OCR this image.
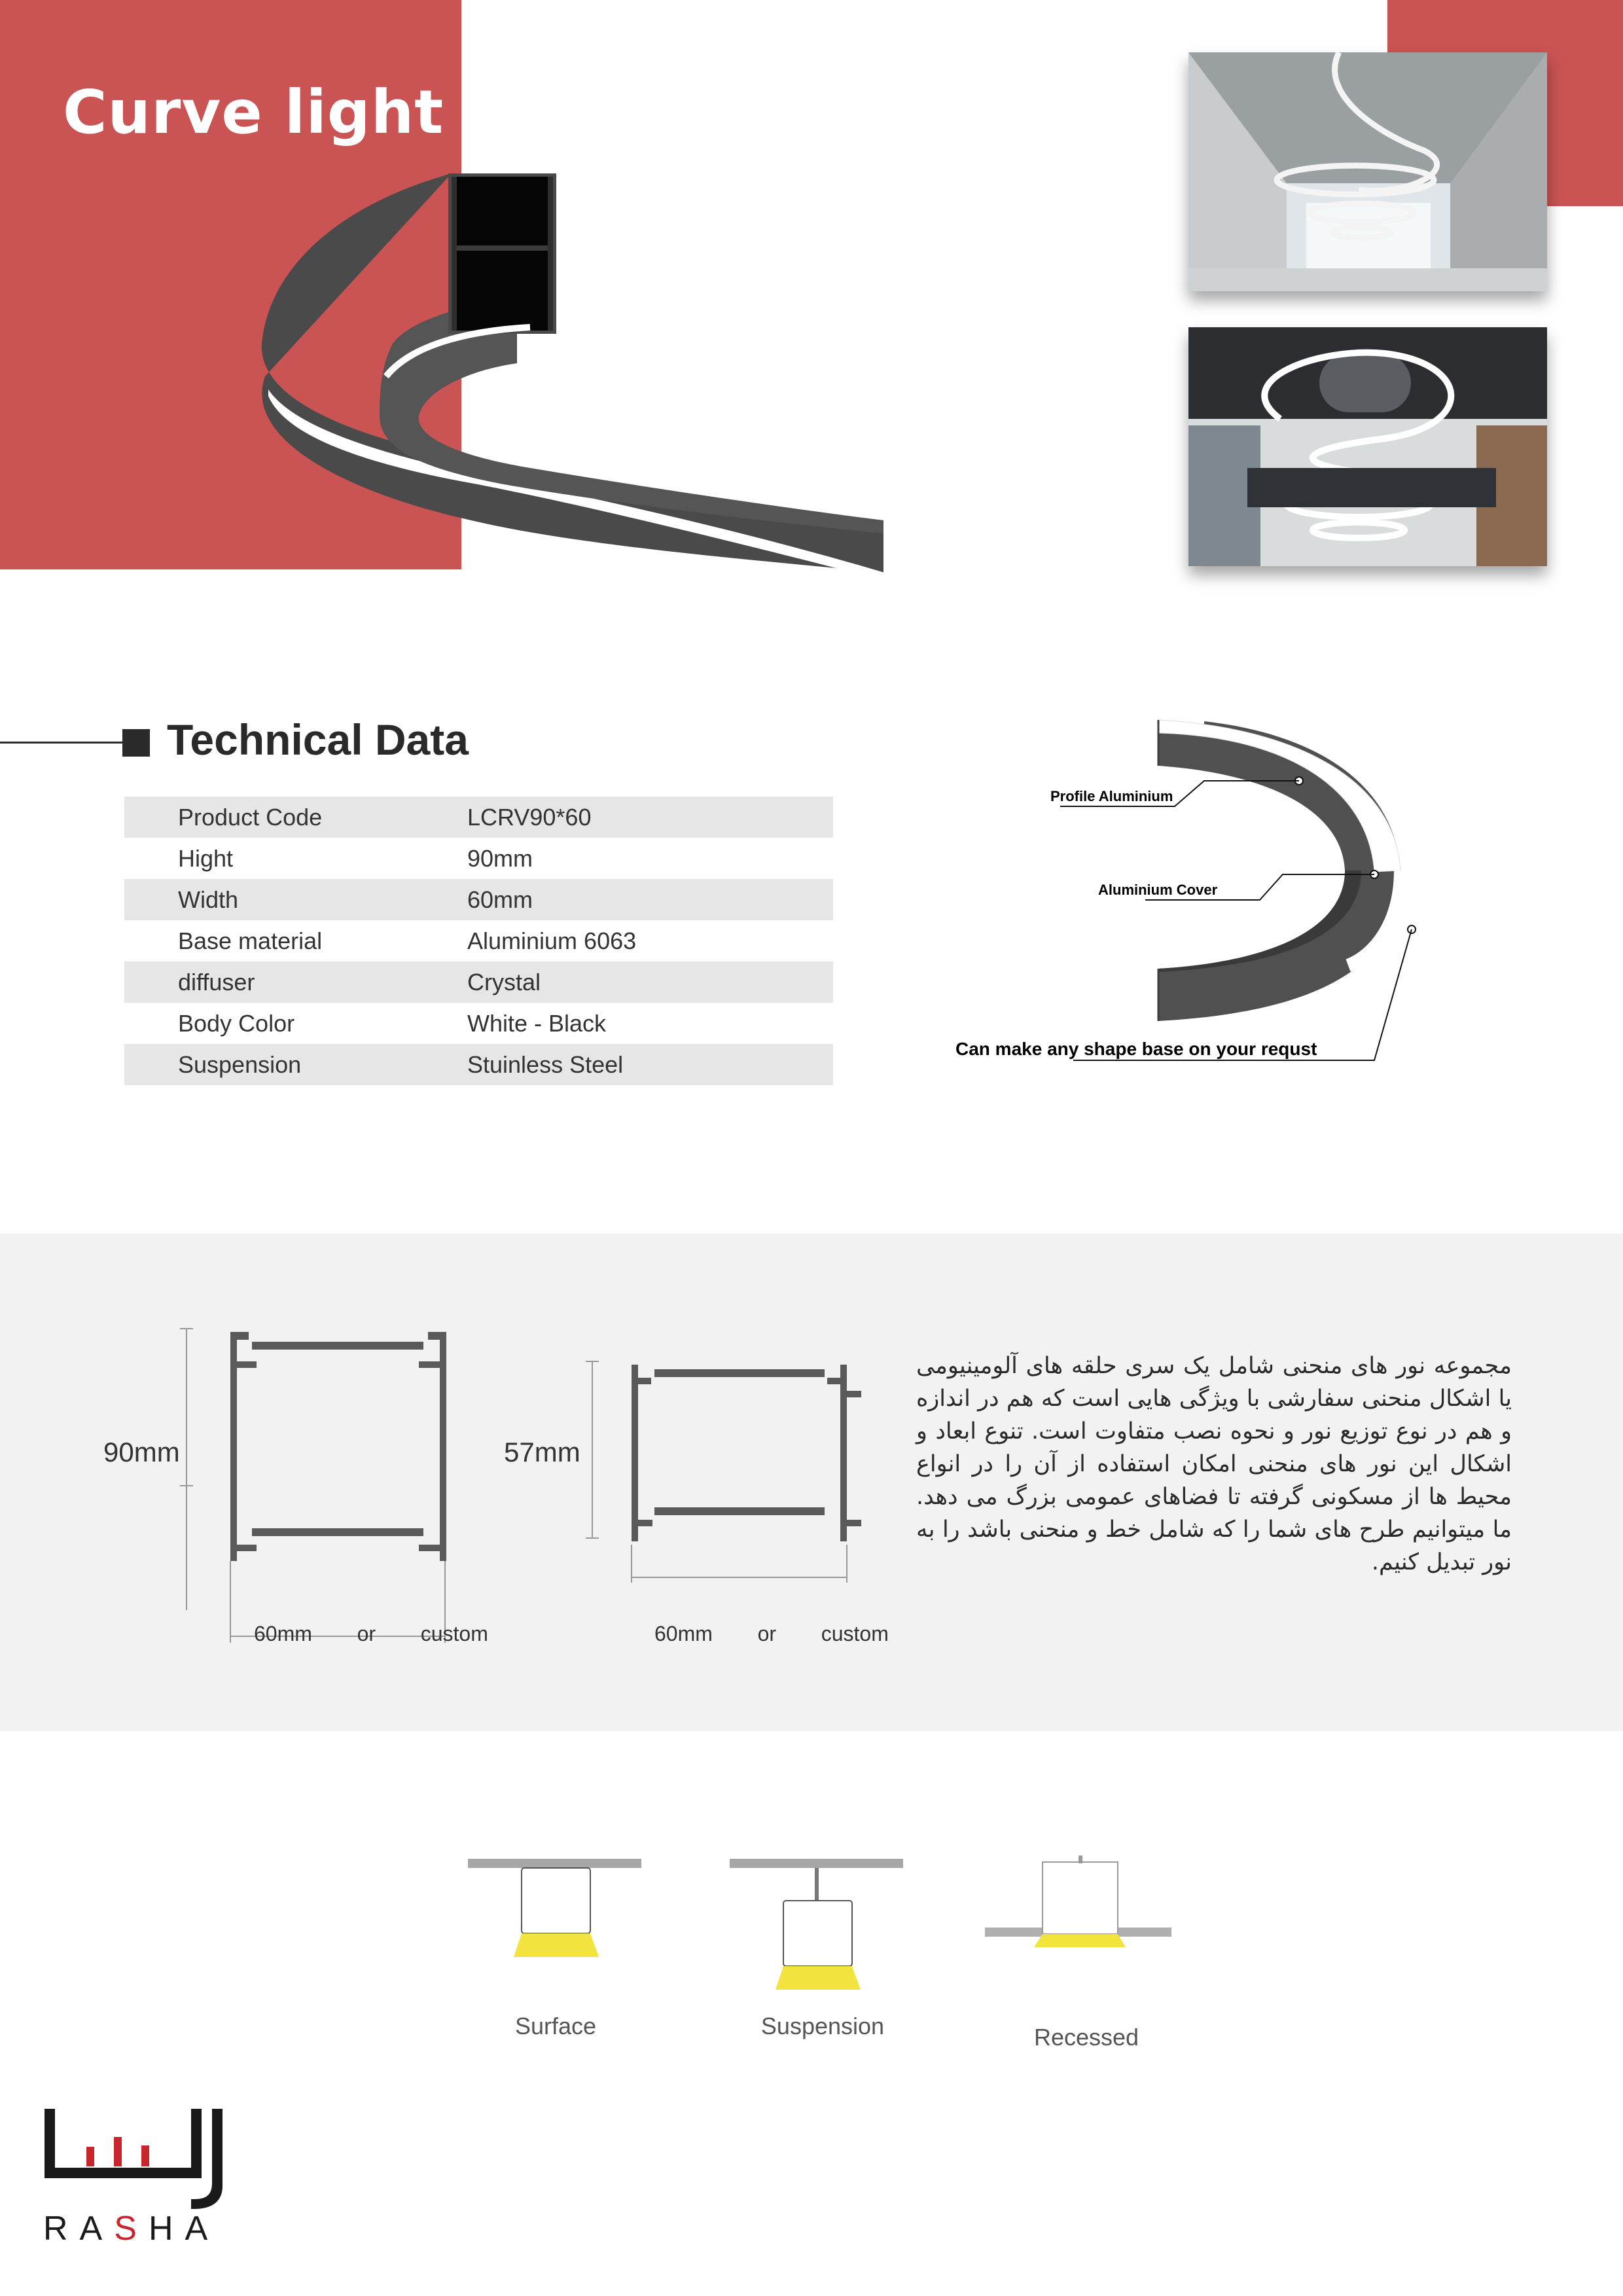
Curve light
Technical Data
Product Code	LCRV90*60
Hight	90mm
Width	60mm
Base material	Aluminium 6063
diffuser	Crystal
Body Color	White - Black
Suspension	Stuinless Steel
Profile Aluminium
Aluminium Cover
Can make any shape base on your requst
90mm
60mm   or   custom
57mm
60mm   or   custom
مجموعه نور های منحنی شامل یک سری حلقه های آلومینیومی یا اشکال منحنی سفارشی با ویژگی هایی است که هم در اندازه و هم در نوع توزیع نور و نحوه نصب متفاوت است. تنوع ابعاد و اشکال این نور های منحنی امکان استفاده از آن را در انواع محیط ها از مسکونی گرفته تا فضاهای عمومی بزرگ می دهد. ما میتوانیم طرح های شما را که شامل خط و منحنی باشد را به نور تبدیل کنیم.
Surface	Suspension	Recessed
RASHA
